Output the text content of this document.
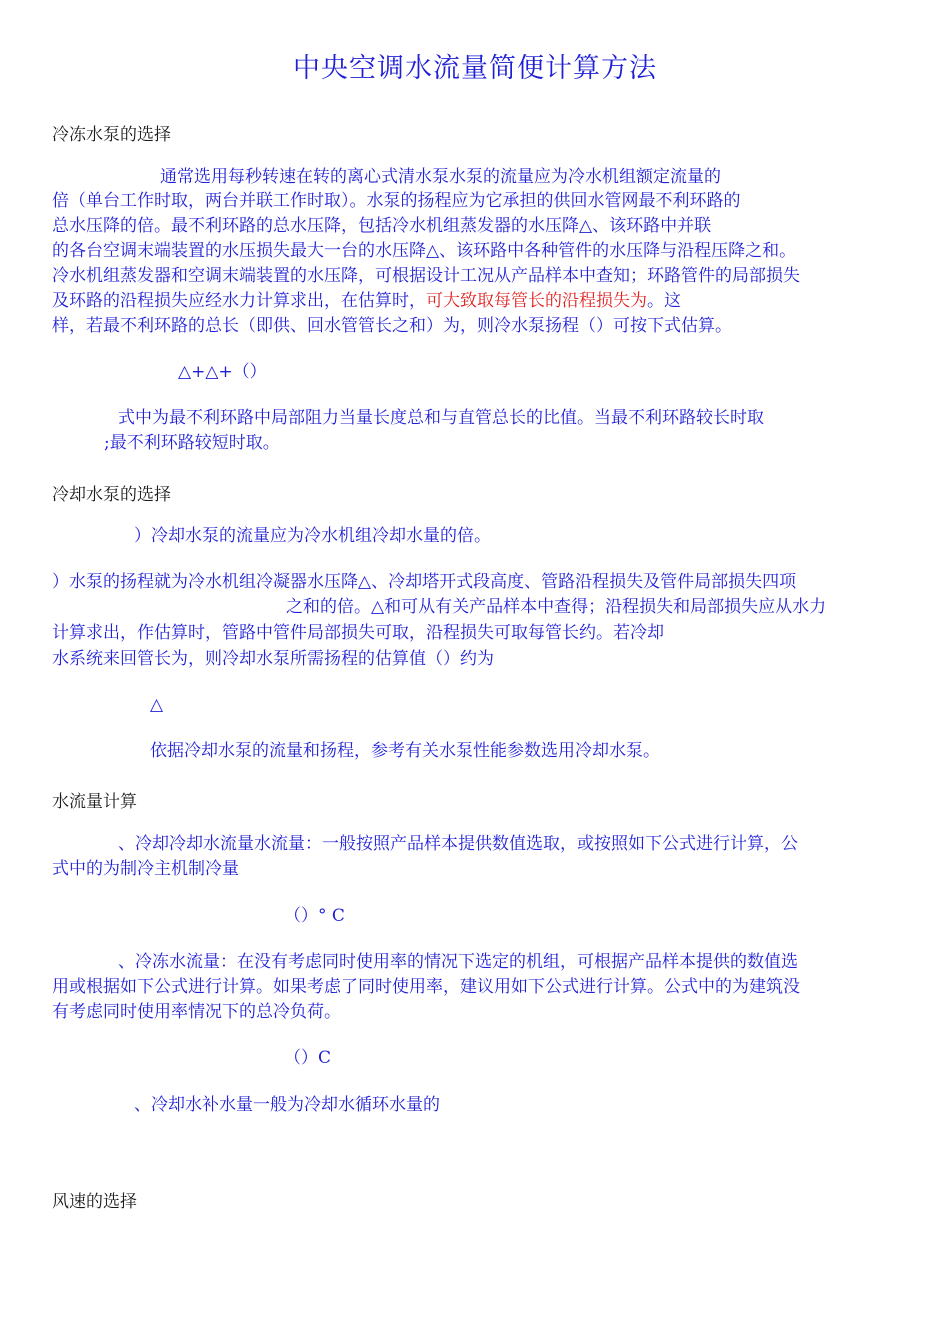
中央空调水流量简便计算方法
冷冻水泵的选择
通常选用每秒转速在转的离心式清水泵水泵的流量应为冷水机组额定流量的
倍（单台工作时取，两台并联工作时取）。水泵的扬程应为它承担的供回水管网最不利环路的
总水压降的倍。最不利环路的总水压降，包括冷水机组蒸发器的水压降△、该环路中并联
的各台空调末端装置的水压损失最大一台的水压降△、该环路中各种管件的水压降与沿程压降之和。
冷水机组蒸发器和空调末端装置的水压降，可根据设计工况从产品样本中查知；环路管件的局部损失
及环路的沿程损失应经水力计算求出，在估算时，可大致取每管长的沿程损失为。这
样，若最不利环路的总长（即供、回水管管长之和）为，则冷水泵扬程（）可按下式估算。
△+△+（）
式中为最不利环路中局部阻力当量长度总和与直管总长的比值。当最不利环路较长时取
;最不利环路较短时取。
冷却水泵的选择
）冷却水泵的流量应为冷水机组冷却水量的倍。
）水泵的扬程就为冷水机组冷凝器水压降△、冷却塔开式段高度、管路沿程损失及管件局部损失四项
之和的倍。△和可从有关产品样本中查得；沿程损失和局部损失应从水力
计算求出，作估算时，管路中管件局部损失可取，沿程损失可取每管长约。若冷却
水系统来回管长为，则冷却水泵所需扬程的估算值（）约为
△
依据冷却水泵的流量和扬程，参考有关水泵性能参数选用冷却水泵。
水流量计算
、冷却冷却水流量水流量：一般按照产品样本提供数值选取，或按照如下公式进行计算，公
式中的为制冷主机制冷量
（）° C
、冷冻水流量：在没有考虑同时使用率的情况下选定的机组，可根据产品样本提供的数值选
用或根据如下公式进行计算。如果考虑了同时使用率，建议用如下公式进行计算。公式中的为建筑没
有考虑同时使用率情况下的总冷负荷。
（）C
、冷却水补水量一般为冷却水循环水量的
风速的选择
